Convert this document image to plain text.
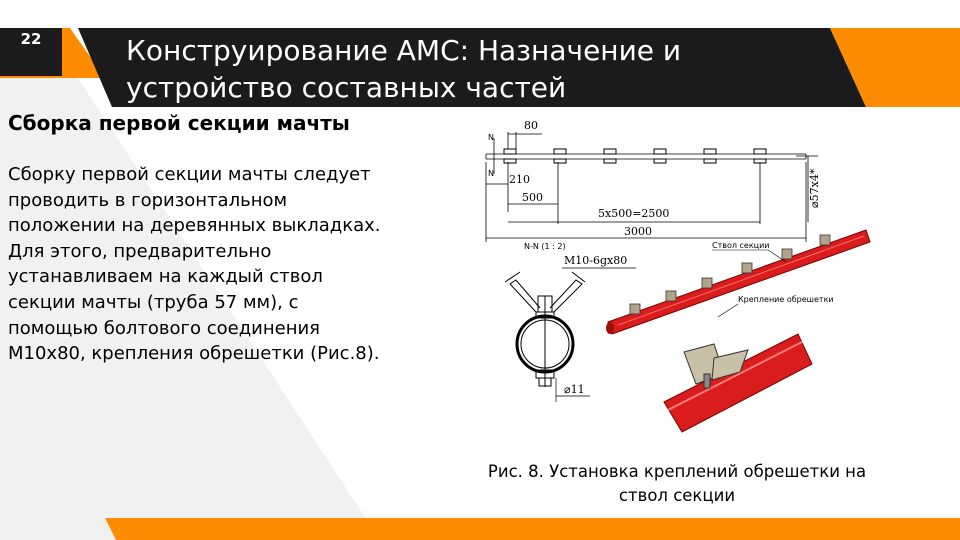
22	Конструирование АМС: Назначение и
устройство составных частей
Сборка первой секции мачты
Сборку первой секции мачты следует проводить в горизонтальном положении на деревянных выкладках. Для этого, предварительно устанавливаем на каждый ствол секции мачты (труба 57 мм), с помощью болтового соединения М10х80, крепления обрешетки (Рис.8).
N
N
80
210
500
5x500=2500
3000
⌀57x4*
N-N (1 : 2)
M10-6gx80
⌀11
Ствол секции
Крепление обрешетки
Рис. 8. Установка креплений обрешетки на
ствол секции
